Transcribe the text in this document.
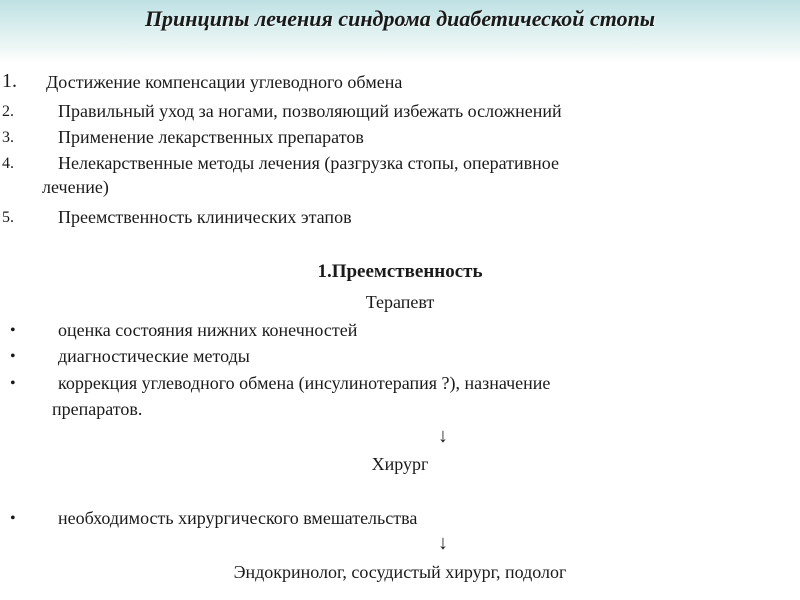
Принципы лечения синдрома диабетической стопы
1. Достижение компенсации углеводного обмена
2. Правильный уход за ногами, позволяющий избежать осложнений
3. Применение лекарственных препаратов
4. Нелекарственные методы лечения (разгрузка стопы, оперативное
лечение)
5. Преемственность клинических этапов
1.Преемственность
Терапевт
• оценка состояния нижних конечностей
• диагностические методы
• коррекция углеводного обмена (инсулинотерапия ?), назначение
препаратов.
↓
Хирург
• необходимость хирургического вмешательства
↓
Эндокринолог, сосудистый хирург, подолог
